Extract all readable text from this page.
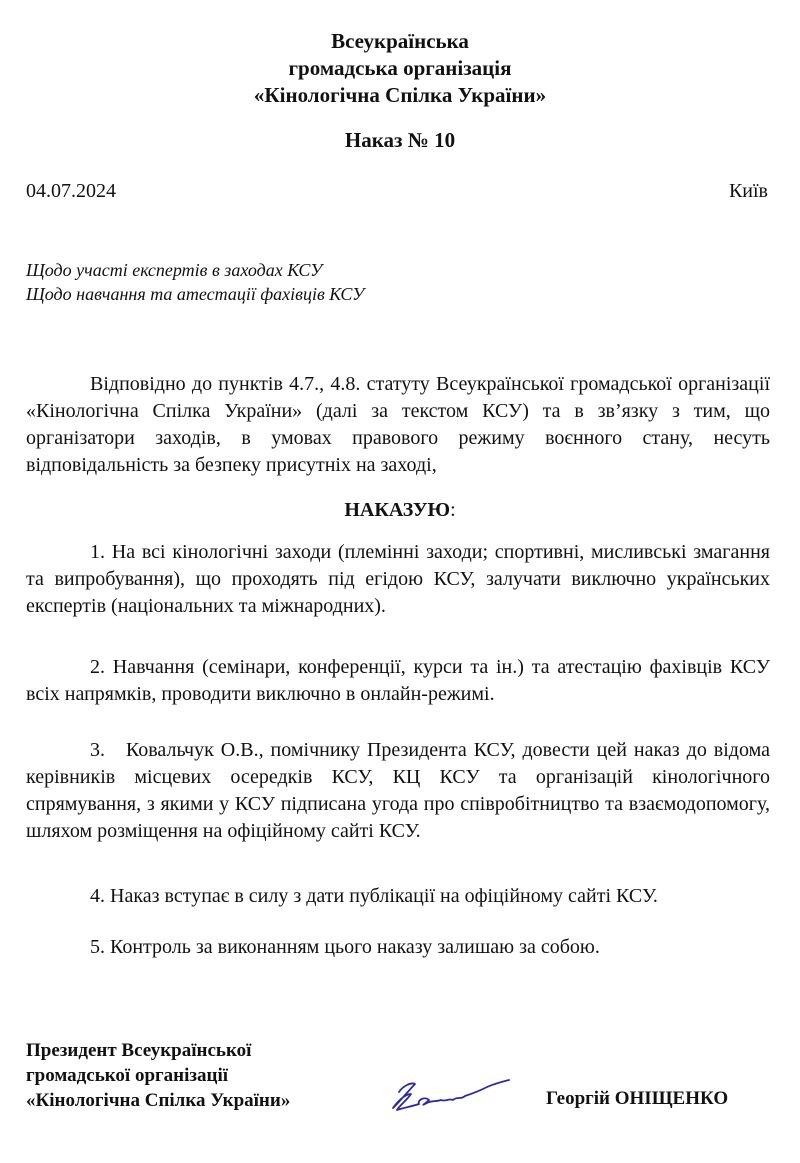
Всеукраїнська
громадська організація
«Кінологічна Спілка України»
Наказ № 10
04.07.2024	Київ
Щодо участі експертів в заходах КСУ
Щодо навчання та атестації фахівців КСУ
Відповідно до пунктів 4.7., 4.8. статуту Всеукраїнської громадської організації «Кінологічна Спілка України» (далі за текстом КСУ) та в зв’язку з тим, що організатори заходів, в умовах правового режиму воєнного стану, несуть відповідальність за безпеку присутніх на заході,
НАКАЗУЮ:
1. На всі кінологічні заходи (племінні заходи; спортивні, мисливські змагання та випробування), що проходять під егідою КСУ, залучати виключно українських експертів (національних та міжнародних).
2. Навчання (семінари, конференції, курси та ін.) та атестацію фахівців КСУ всіх напрямків, проводити виключно в онлайн-режимі.
3.   Ковальчук О.В., помічнику Президента КСУ, довести цей наказ до відома керівників місцевих осередків КСУ, КЦ КСУ та організацій кінологічного спрямування, з якими у КСУ підписана угода про співробітництво та взаємодопомогу, шляхом розміщення на офіційному сайті КСУ.
4. Наказ вступає в силу з дати публікації на офіційному сайті КСУ.
5. Контроль за виконанням цього наказу залишаю за собою.
Президент Всеукраїнської
громадської організації
«Кінологічна Спілка України»	Георгій ОНІЩЕНКО
